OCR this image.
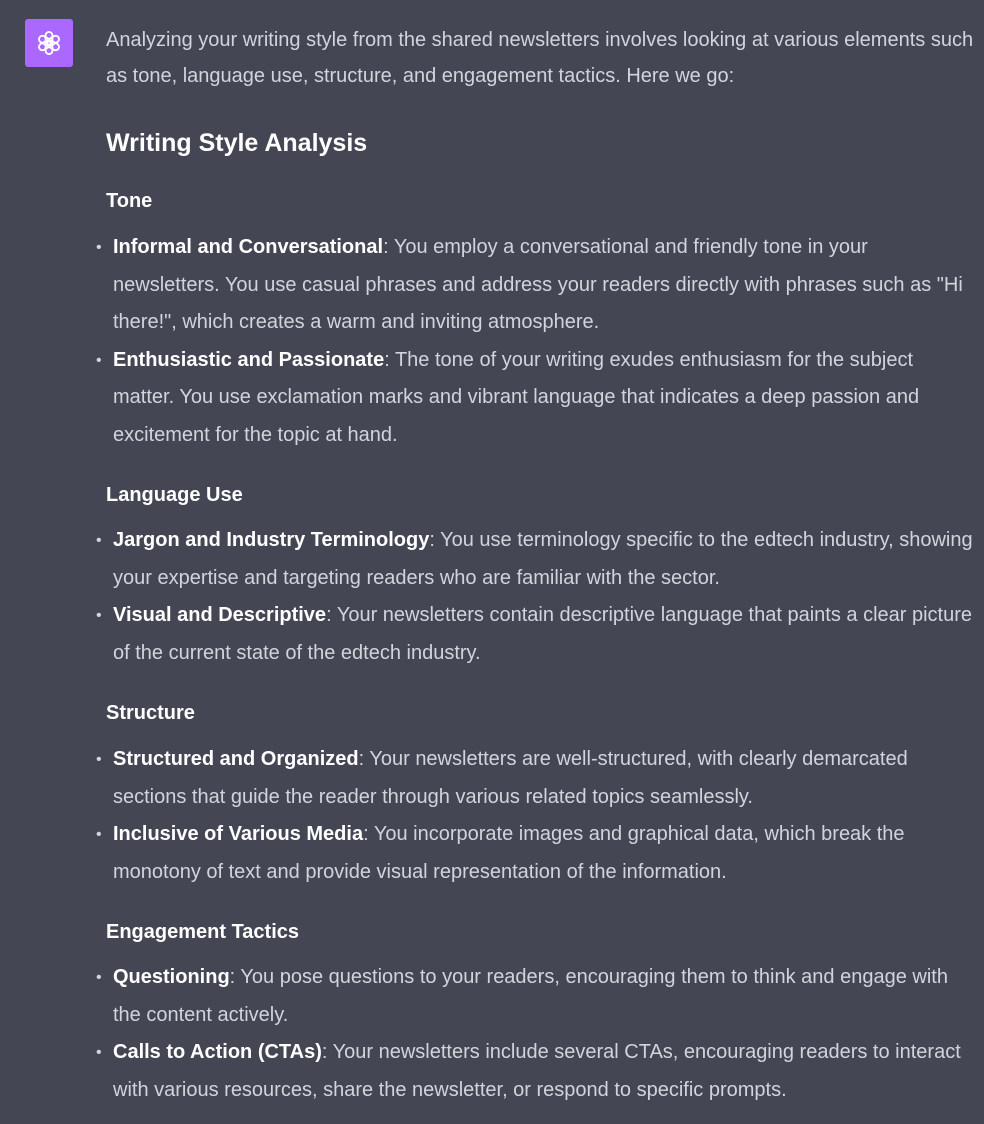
Analyzing your writing style from the shared newsletters involves looking at various elements such as tone, language use, structure, and engagement tactics. Here we go:

Writing Style Analysis
Tone
• Informal and Conversational: You employ a conversational and friendly tone in your newsletters. You use casual phrases and address your readers directly with phrases such as "Hi there!", which creates a warm and inviting atmosphere.
• Enthusiastic and Passionate: The tone of your writing exudes enthusiasm for the subject matter. You use exclamation marks and vibrant language that indicates a deep passion and excitement for the topic at hand.
Language Use
• Jargon and Industry Terminology: You use terminology specific to the edtech industry, showing your expertise and targeting readers who are familiar with the sector.
• Visual and Descriptive: Your newsletters contain descriptive language that paints a clear picture of the current state of the edtech industry.
Structure
• Structured and Organized: Your newsletters are well-structured, with clearly demarcated sections that guide the reader through various related topics seamlessly.
• Inclusive of Various Media: You incorporate images and graphical data, which break the monotony of text and provide visual representation of the information.
Engagement Tactics
• Questioning: You pose questions to your readers, encouraging them to think and engage with the content actively.
• Calls to Action (CTAs): Your newsletters include several CTAs, encouraging readers to interact with various resources, share the newsletter, or respond to specific prompts.
